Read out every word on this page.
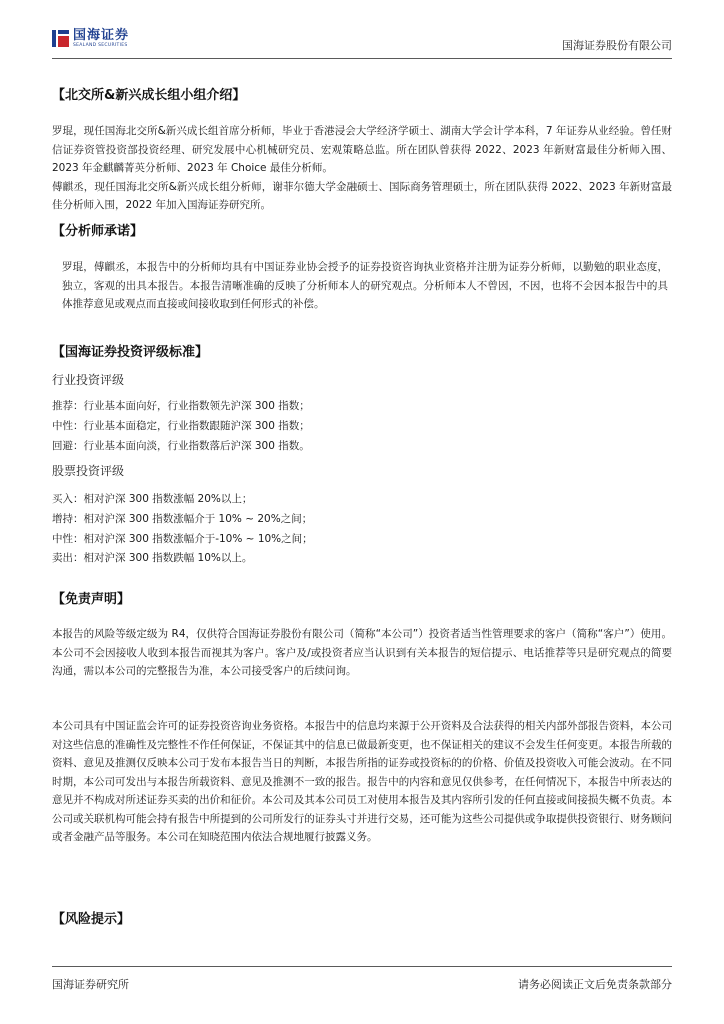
国海证券
SEALAND SECURITIES	国海证券股份有限公司
【北交所&新兴成长组小组介绍】

罗琨，现任国海北交所&新兴成长组首席分析师，毕业于香港浸会大学经济学硕士、湖南大学会计学本科，7 年证券从业经验。曾任财信证券资管投资部投资经理、研究发展中心机械研究员、宏观策略总监。所在团队曾获得 2022、2023 年新财富最佳分析师入围、2023 年金麒麟菁英分析师、2023 年 Choice 最佳分析师。

傅麒丞，现任国海北交所&新兴成长组分析师，谢菲尔德大学金融硕士、国际商务管理硕士，所在团队获得 2022、2023 年新财富最佳分析师入围，2022 年加入国海证券研究所。

【分析师承诺】
罗琨，傅麒丞，本报告中的分析师均具有中国证券业协会授予的证券投资咨询执业资格并注册为证券分析师，以勤勉的职业态度，独立，客观的出具本报告。本报告清晰准确的反映了分析师本人的研究观点。分析师本人不曾因，不因，也将不会因本报告中的具体推荐意见或观点而直接或间接收取到任何形式的补偿。
【国海证券投资评级标准】
行业投资评级
推荐：行业基本面向好，行业指数领先沪深 300 指数；
中性：行业基本面稳定，行业指数跟随沪深 300 指数；
回避：行业基本面向淡，行业指数落后沪深 300 指数。
股票投资评级
买入：相对沪深 300 指数涨幅 20%以上；
增持：相对沪深 300 指数涨幅介于 10% ~ 20%之间；
中性：相对沪深 300 指数涨幅介于-10% ~ 10%之间；
卖出：相对沪深 300 指数跌幅 10%以上。
【免责声明】
本报告的风险等级定级为 R4，仅供符合国海证券股份有限公司（简称“本公司”）投资者适当性管理要求的客户（简称“客户”）使用。本公司不会因接收人收到本报告而视其为客户。客户及/或投资者应当认识到有关本报告的短信提示、电话推荐等只是研究观点的简要沟通，需以本公司的完整报告为准，本公司接受客户的后续问询。
本公司具有中国证监会许可的证券投资咨询业务资格。本报告中的信息均来源于公开资料及合法获得的相关内部外部报告资料，本公司对这些信息的准确性及完整性不作任何保证，不保证其中的信息已做最新变更，也不保证相关的建议不会发生任何变更。本报告所载的资料、意见及推测仅反映本公司于发布本报告当日的判断，本报告所指的证券或投资标的的价格、价值及投资收入可能会波动。在不同时期，本公司可发出与本报告所载资料、意见及推测不一致的报告。报告中的内容和意见仅供参考，在任何情况下，本报告中所表达的意见并不构成对所述证券买卖的出价和征价。本公司及其本公司员工对使用本报告及其内容所引发的任何直接或间接损失概不负责。本公司或关联机构可能会持有报告中所提到的公司所发行的证券头寸并进行交易，还可能为这些公司提供或争取提供投资银行、财务顾问或者金融产品等服务。本公司在知晓范围内依法合规地履行披露义务。
【风险提示】
国海证券研究所	请务必阅读正文后免责条款部分
